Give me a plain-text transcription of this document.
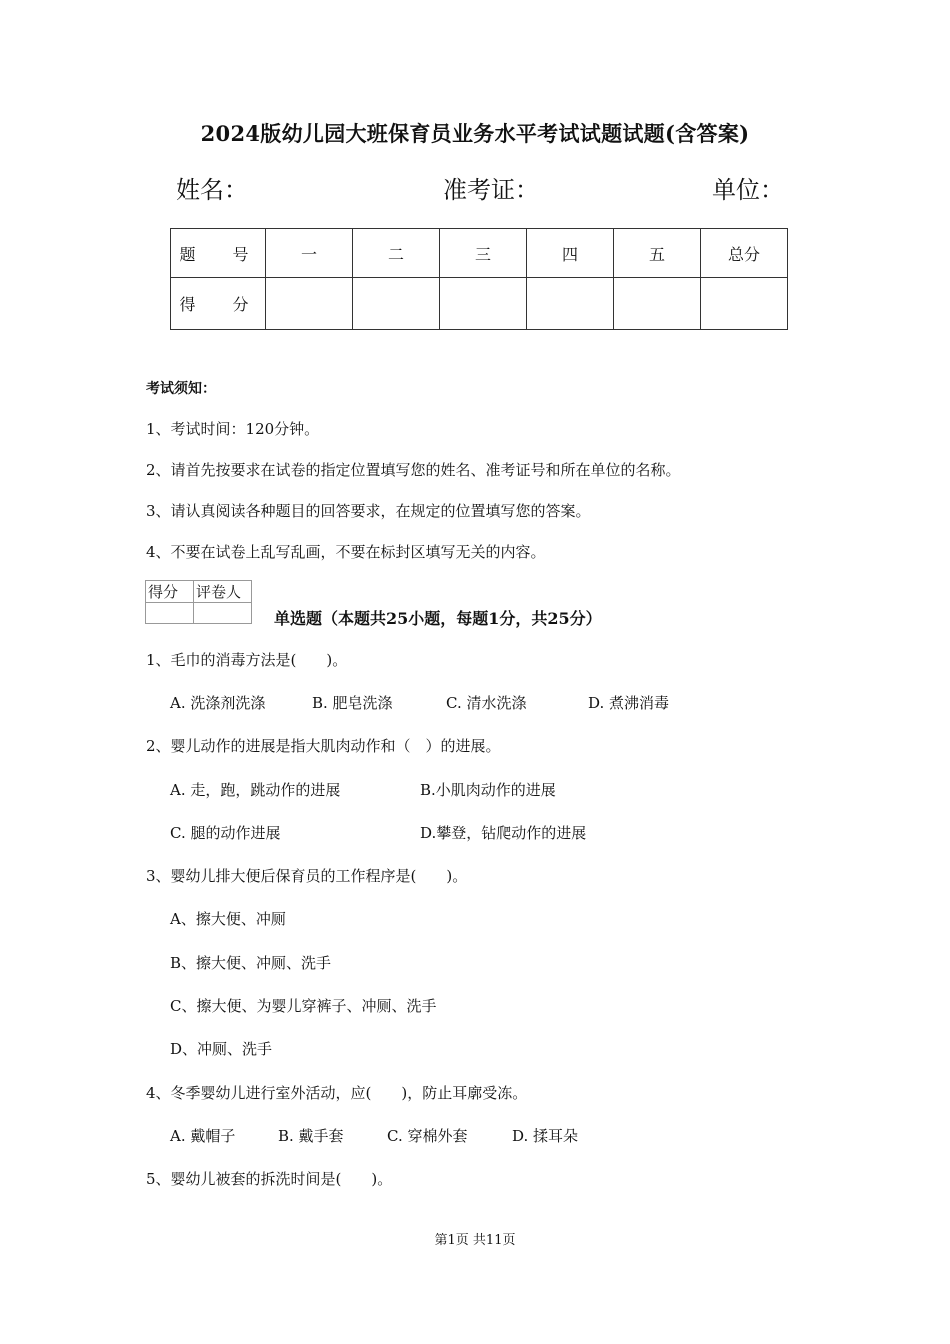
2024版幼儿园大班保育员业务水平考试试题试题(含答案)
姓名：	准考证：	单位：
题 号	一	二	三	四	五	总分
得 分						
考试须知：
1、考试时间：120分钟。
2、请首先按要求在试卷的指定位置填写您的姓名、准考证号和所在单位的名称。
3、请认真阅读各种题目的回答要求，在规定的位置填写您的答案。
4、不要在试卷上乱写乱画，不要在标封区填写无关的内容。
得分	评卷人

单选题（本题共25小题，每题1分，共25分）
1、毛巾的消毒方法是(　　)。
A. 洗涤剂洗涤	B. 肥皂洗涤	C. 清水洗涤	D. 煮沸消毒
2、婴儿动作的进展是指大肌肉动作和（　）的进展。
A. 走，跑，跳动作的进展	B.小肌肉动作的进展
C. 腿的动作进展	D.攀登，钻爬动作的进展
3、婴幼儿排大便后保育员的工作程序是(　　)。
A、擦大便、冲厕
B、擦大便、冲厕、洗手
C、擦大便、为婴儿穿裤子、冲厕、洗手
D、冲厕、洗手
4、冬季婴幼儿进行室外活动，应(　　)，防止耳廓受冻。
A. 戴帽子	B. 戴手套	C. 穿棉外套	D. 揉耳朵
5、婴幼儿被套的拆洗时间是(　　)。
第1页 共11页
